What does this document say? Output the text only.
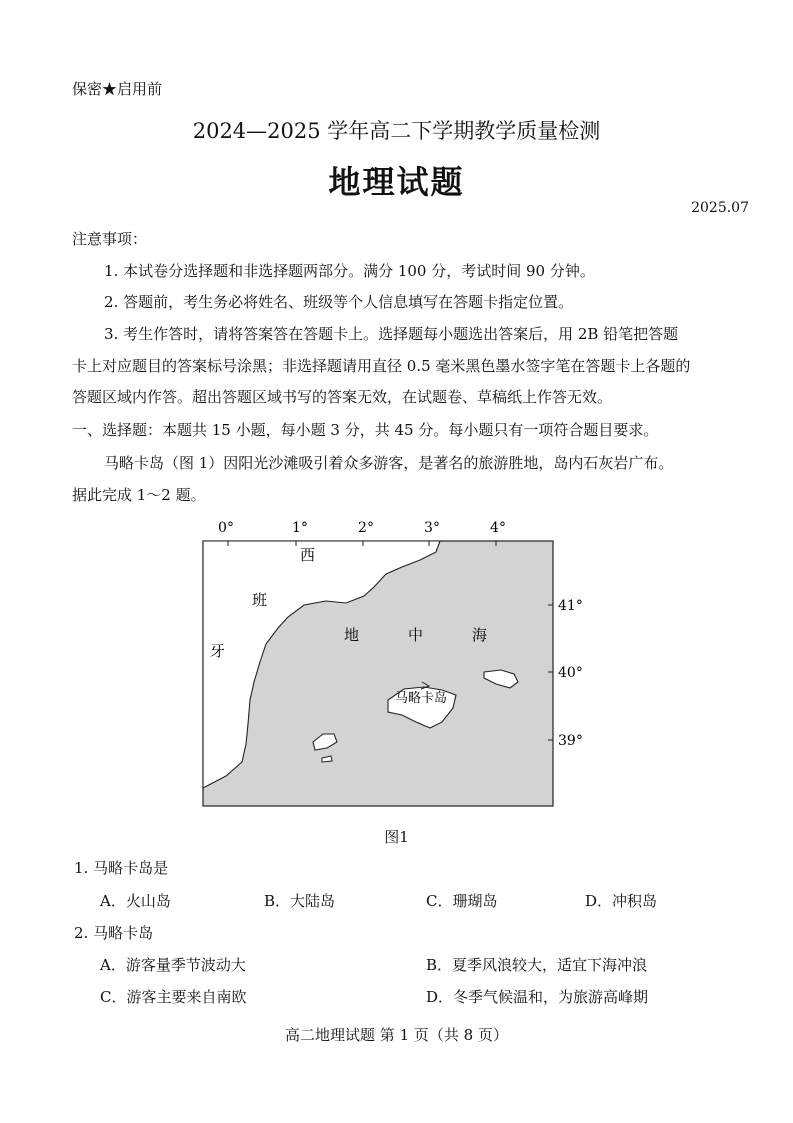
保密★启用前
2024—2025 学年高二下学期教学质量检测
地理试题
2025.07
注意事项：
1. 本试卷分选择题和非选择题两部分。满分 100 分，考试时间 90 分钟。
2. 答题前，考生务必将姓名、班级等个人信息填写在答题卡指定位置。
3. 考生作答时，请将答案答在答题卡上。选择题每小题选出答案后，用 2B 铅笔把答题
卡上对应题目的答案标号涂黑；非选择题请用直径 0.5 毫米黑色墨水签字笔在答题卡上各题的
答题区域内作答。超出答题区域书写的答案无效，在试题卷、草稿纸上作答无效。
一、选择题：本题共 15 小题，每小题 3 分，共 45 分。每小题只有一项符合题目要求。
马略卡岛（图 1）因阳光沙滩吸引着众多游客，是著名的旅游胜地，岛内石灰岩广布。
据此完成 1～2 题。
0°	1°	2°	3°	4°
41°
40°
39°
西
班
牙
地	中	海
马略卡岛
图1
1. 马略卡岛是
A．火山岛	B．大陆岛	C．珊瑚岛	D．冲积岛
2. 马略卡岛
A．游客量季节波动大	B．夏季风浪较大，适宜下海冲浪
C．游客主要来自南欧	D．冬季气候温和，为旅游高峰期
高二地理试题 第 1 页（共 8 页）
